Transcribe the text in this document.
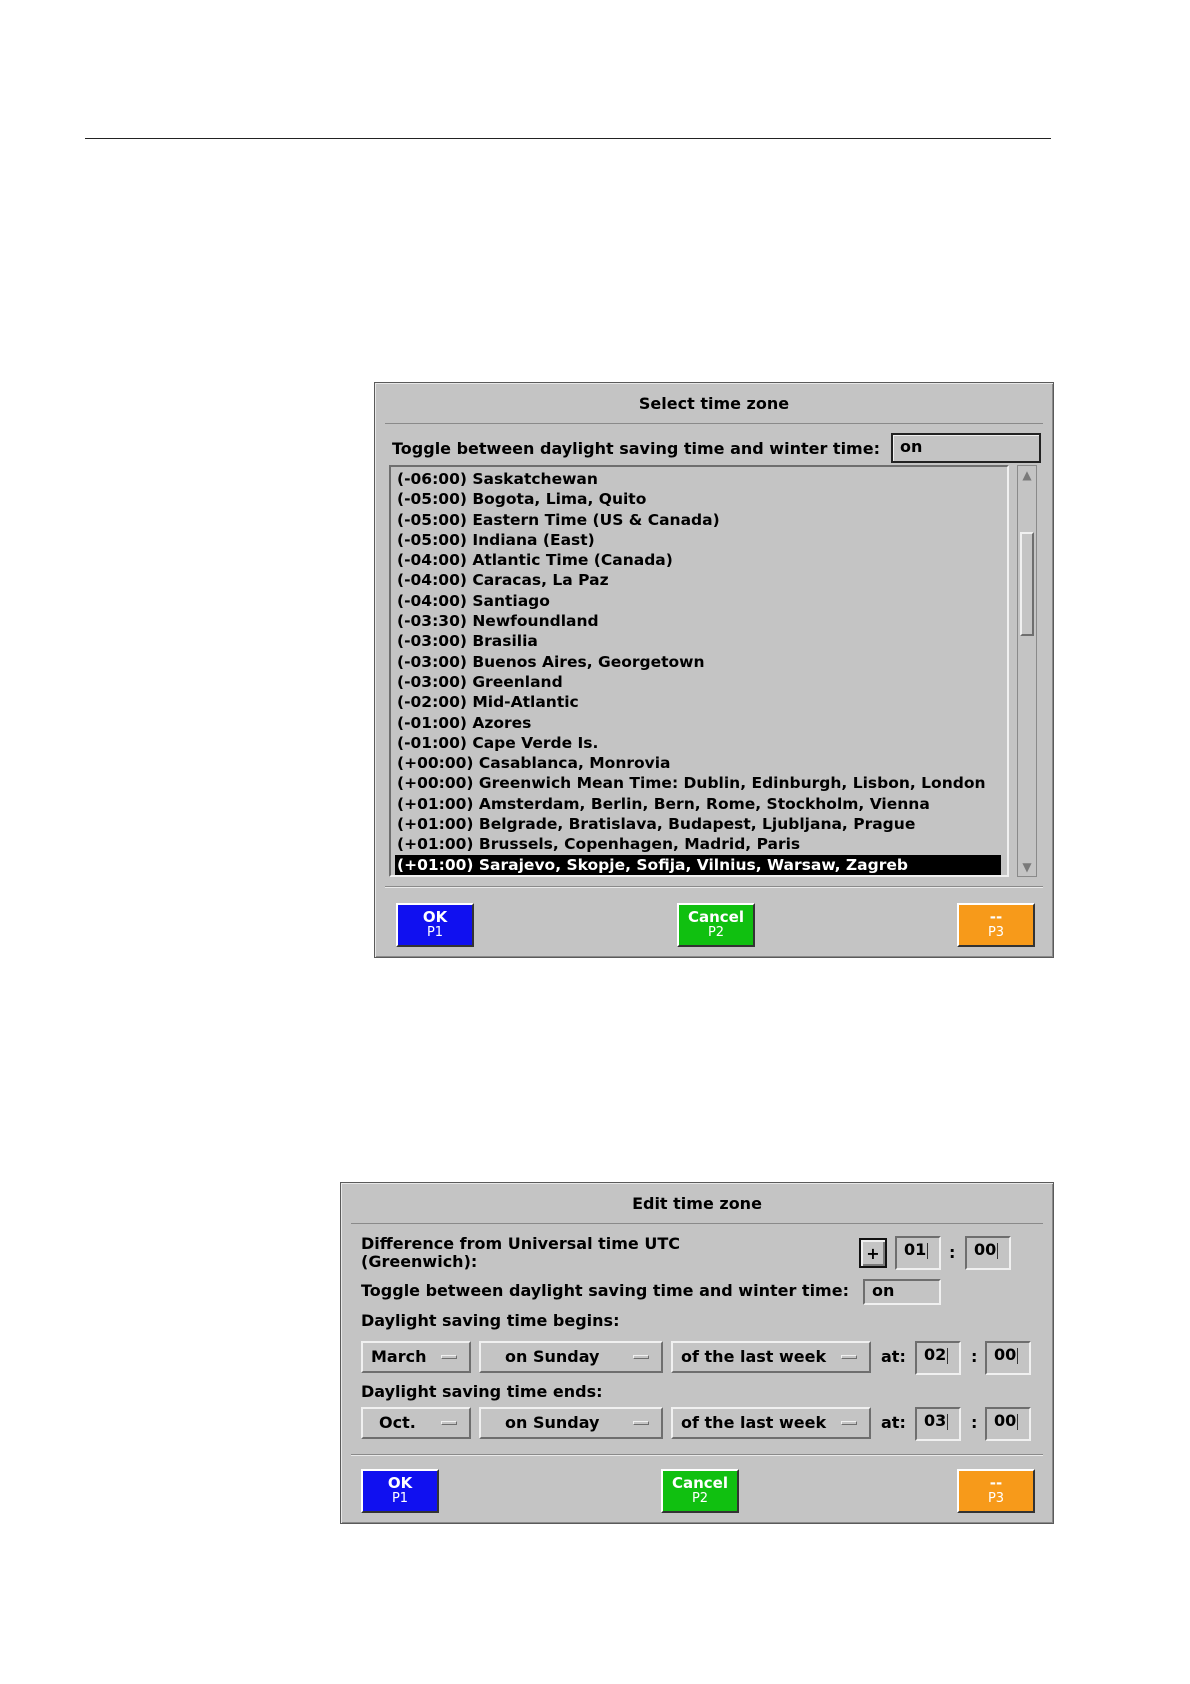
Select time zone
Toggle between daylight saving time and winter time:	on
(-06:00) Saskatchewan
(-05:00) Bogota, Lima, Quito
(-05:00) Eastern Time (US & Canada)
(-05:00) Indiana (East)
(-04:00) Atlantic Time (Canada)
(-04:00) Caracas, La Paz
(-04:00) Santiago
(-03:30) Newfoundland
(-03:00) Brasilia
(-03:00) Buenos Aires, Georgetown
(-03:00) Greenland
(-02:00) Mid-Atlantic
(-01:00) Azores
(-01:00) Cape Verde Is.
(+00:00) Casablanca, Monrovia
(+00:00) Greenwich Mean Time: Dublin, Edinburgh, Lisbon, London
(+01:00) Amsterdam, Berlin, Bern, Rome, Stockholm, Vienna
(+01:00) Belgrade, Bratislava, Budapest, Ljubljana, Prague
(+01:00) Brussels, Copenhagen, Madrid, Paris
(+01:00) Sarajevo, Skopje, Sofija, Vilnius, Warsaw, Zagreb
▲
▼
OK
P1
Cancel
P2
--
P3
Edit time zone
Difference from Universal time UTC
(Greenwich):	+	01	:	00
Toggle between daylight saving time and winter time:	on
Daylight saving time begins:
March	on Sunday	of the last week	at:	02	:	00
Daylight saving time ends:
Oct.	on Sunday	of the last week	at:	03	:	00
OK
P1
Cancel
P2
--
P3
